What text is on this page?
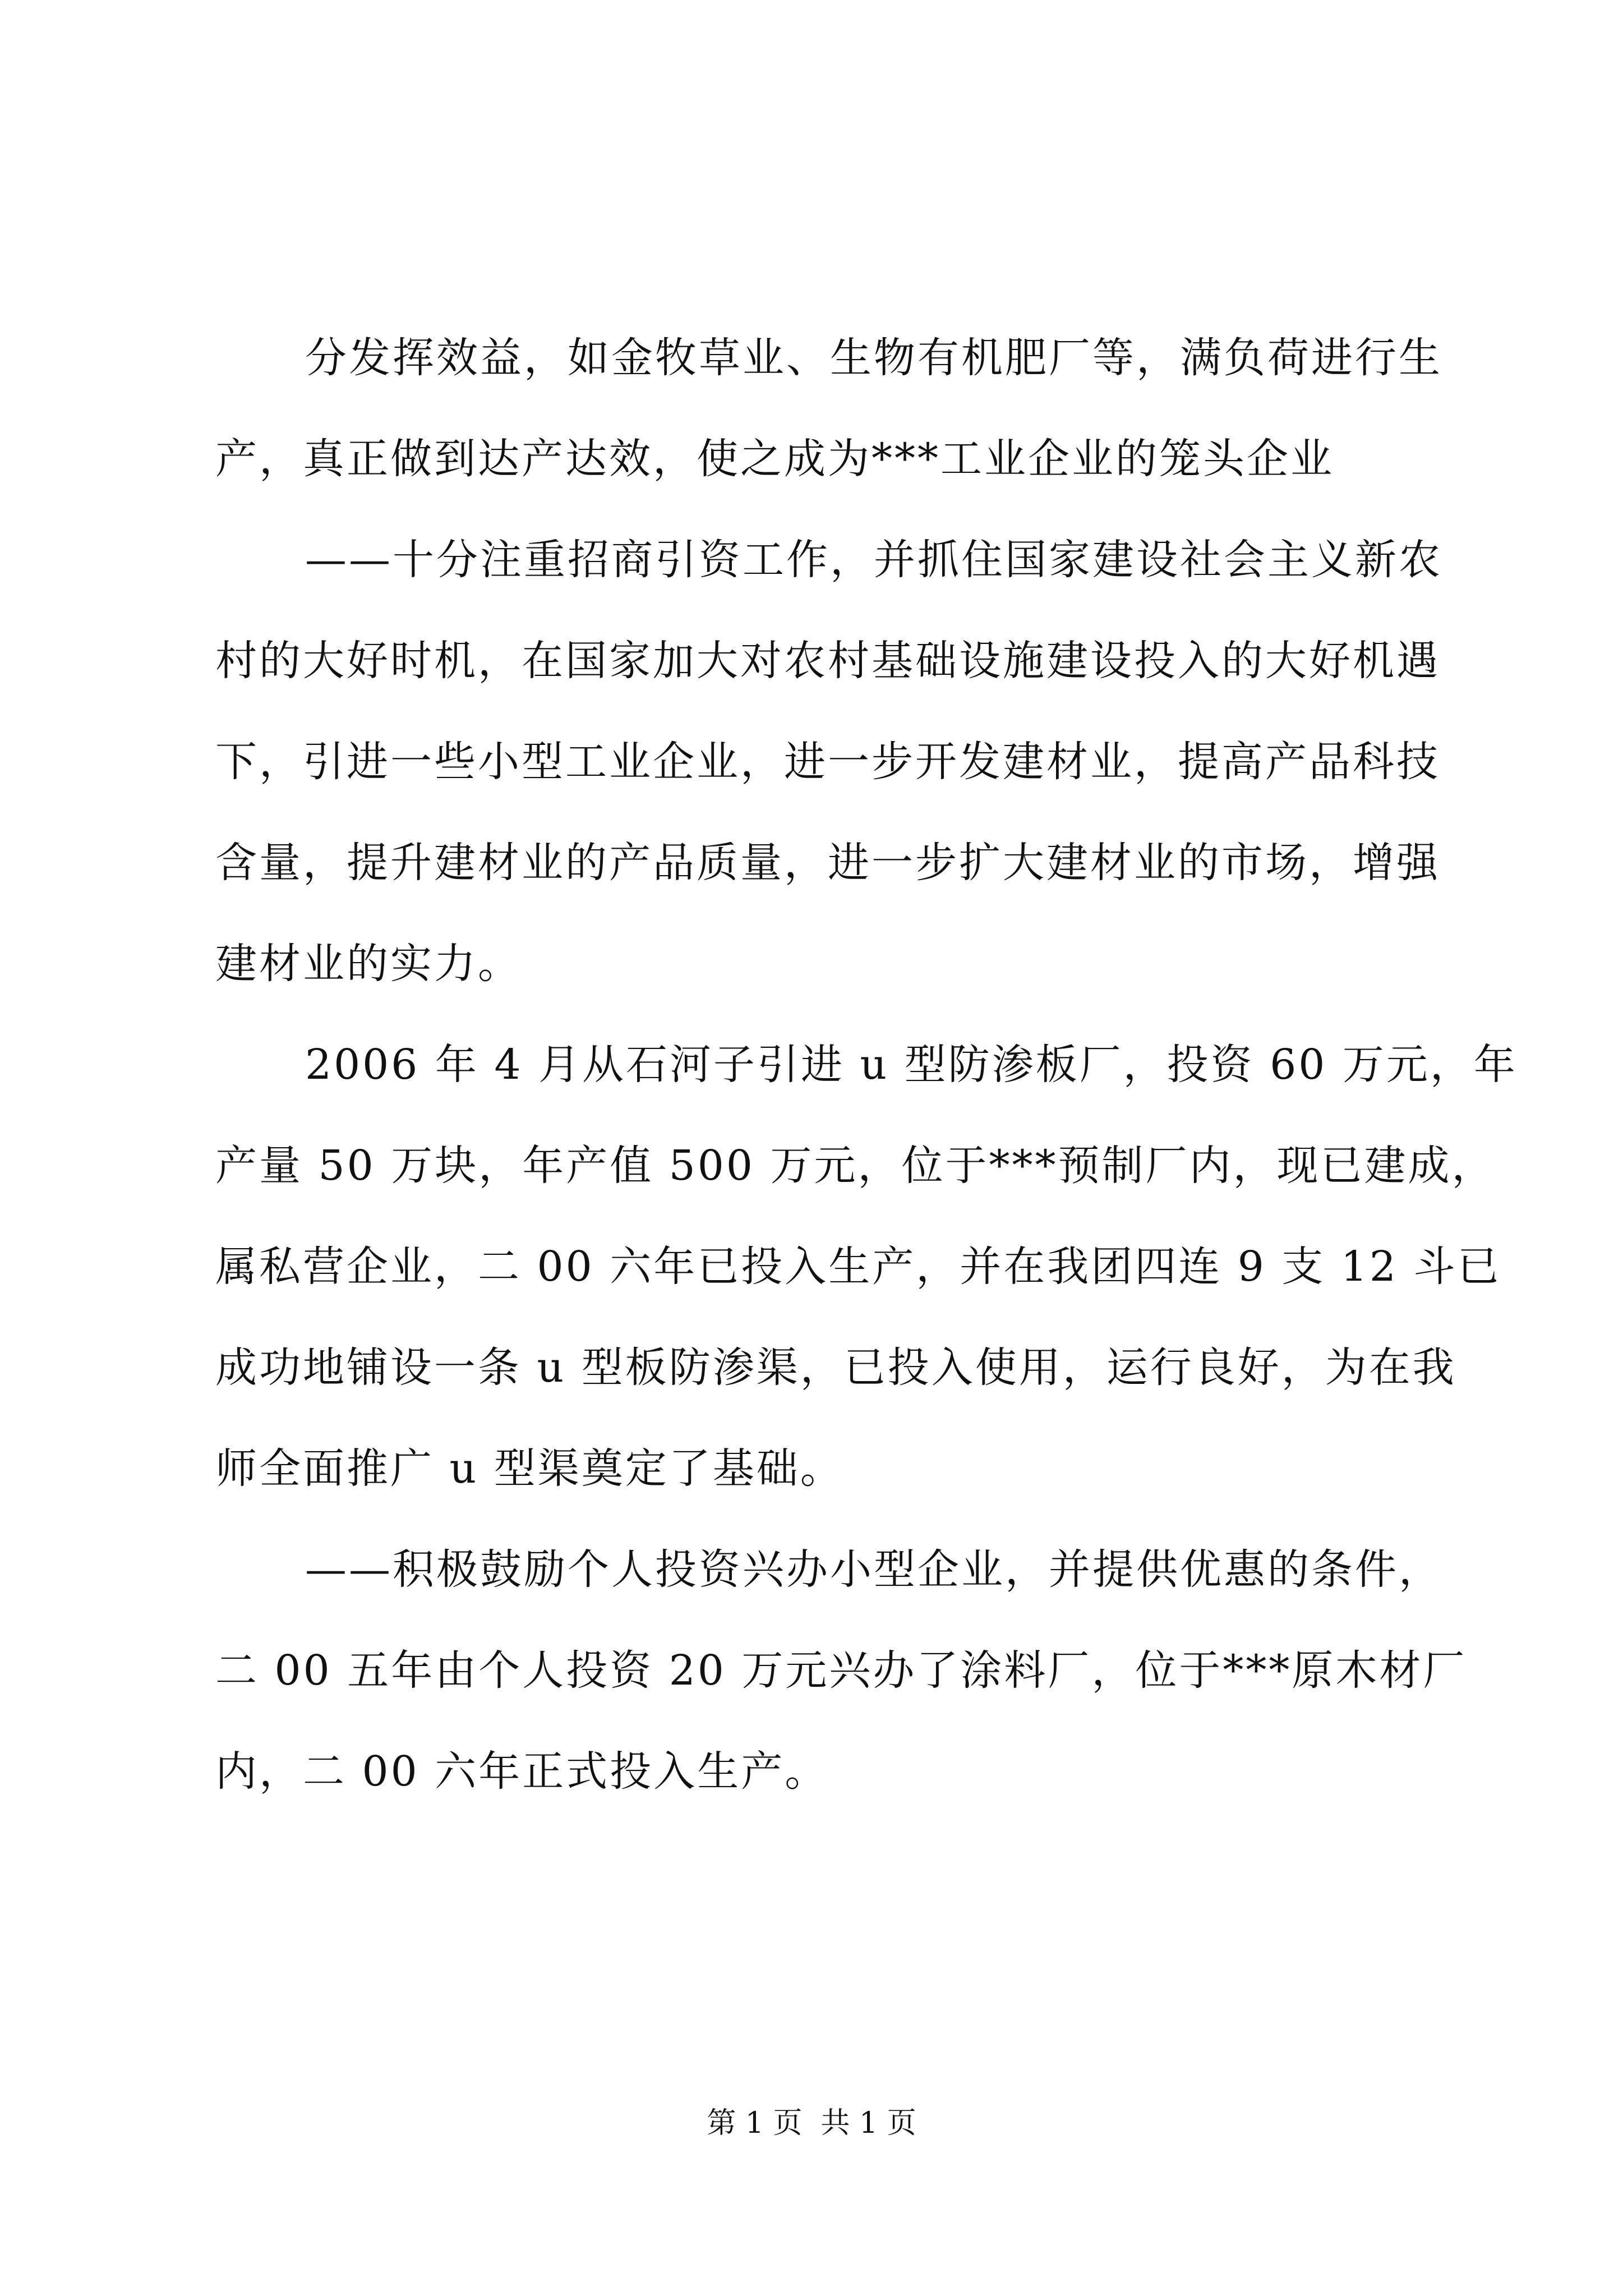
分发挥效益，如金牧草业、生物有机肥厂等，满负荷进行生
产，真正做到达产达效，使之成为***工业企业的笼头企业
——十分注重招商引资工作，并抓住国家建设社会主义新农
村的大好时机，在国家加大对农村基础设施建设投入的大好机遇
下，引进一些小型工业企业，进一步开发建材业，提高产品科技
含量，提升建材业的产品质量，进一步扩大建材业的市场，增强
建材业的实力。
2006 年 4 月从石河子引进 u 型防渗板厂，投资 60 万元，年
产量 50 万块，年产值 500 万元，位于***预制厂内，现已建成，
属私营企业，二 00 六年已投入生产，并在我团四连 9 支 12 斗已
成功地铺设一条 u 型板防渗渠，已投入使用，运行良好，为在我
师全面推广 u 型渠奠定了基础。
——积极鼓励个人投资兴办小型企业，并提供优惠的条件，
二 00 五年由个人投资 20 万元兴办了涂料厂，位于***原木材厂
内，二 00 六年正式投入生产。
第 1 页  共 1 页
